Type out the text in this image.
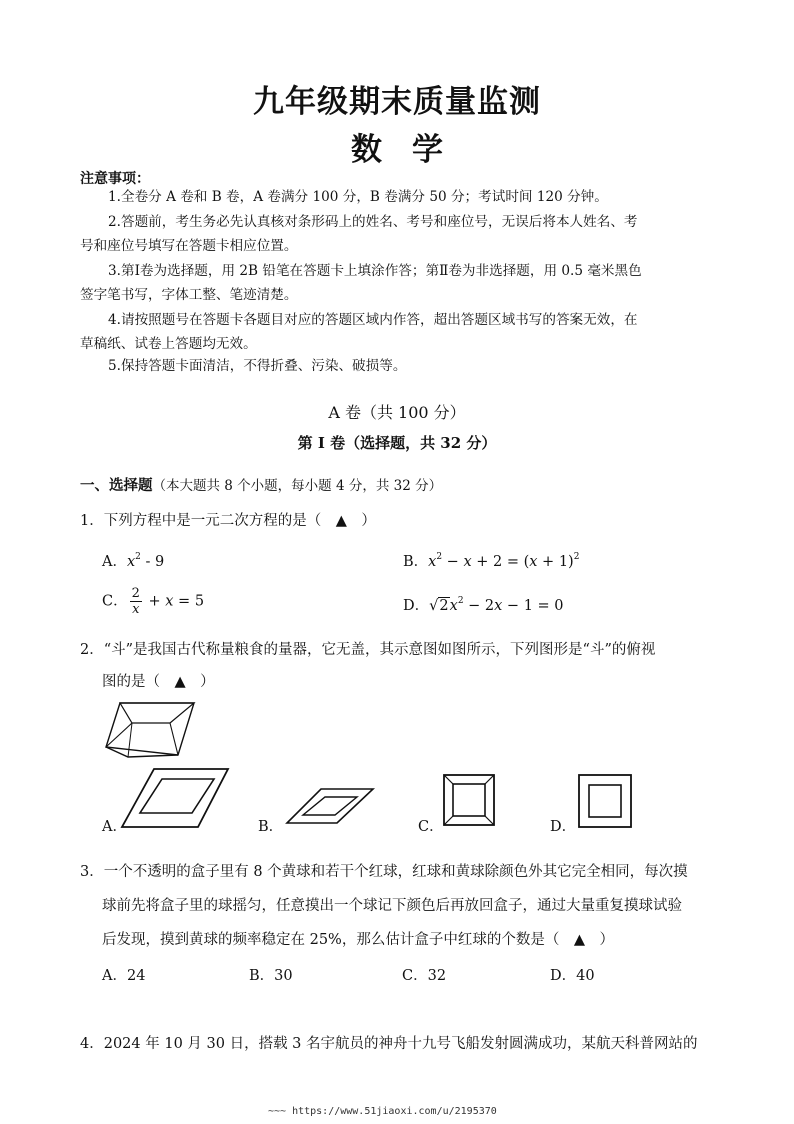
九年级期末质量监测
数学
注意事项：
1.全卷分 A 卷和 B 卷，A 卷满分 100 分，B 卷满分 50 分；考试时间 120 分钟。
2.答题前，考生务必先认真核对条形码上的姓名、考号和座位号，无误后将本人姓名、考
号和座位号填写在答题卡相应位置。
3.第Ⅰ卷为选择题，用 2B 铅笔在答题卡上填涂作答；第Ⅱ卷为非选择题，用 0.5 毫米黑色
签字笔书写，字体工整、笔迹清楚。
4.请按照题号在答题卡各题目对应的答题区域内作答，超出答题区域书写的答案无效，在
草稿纸、试卷上答题均无效。
5.保持答题卡面清洁，不得折叠、污染、破损等。
A 卷（共 100 分）
第 I 卷（选择题，共 32 分）
一、选择题（本大题共 8 个小题，每小题 4 分，共 32 分）
1．下列方程中是一元二次方程的是（　▲　）
A．$x^2 - 9$	B．$x^2 - x + 2 = (x + 1)^2$
C． $\frac{2}{x} + x = 5$	D．$√2x^2 - 2x - 1 = 0$
2．“斗”是我国古代称量粮食的量器，它无盖，其示意图如图所示，下列图形是“斗”的俯视
图的是（　▲　）
A．	B．	C．	D．
3．一个不透明的盒子里有 8 个黄球和若干个红球，红球和黄球除颜色外其它完全相同，每次摸
球前先将盒子里的球摇匀，任意摸出一个球记下颜色后再放回盒子，通过大量重复摸球试验
后发现，摸到黄球的频率稳定在 25%，那么估计盒子中红球的个数是（　▲　）
A．24	B．30	C．32	D．40
4．2024 年 10 月 30 日，搭载 3 名宇航员的神舟十九号飞船发射圆满成功，某航天科普网站的
~~~ https://www.51jiaoxi.com/u/2195370
